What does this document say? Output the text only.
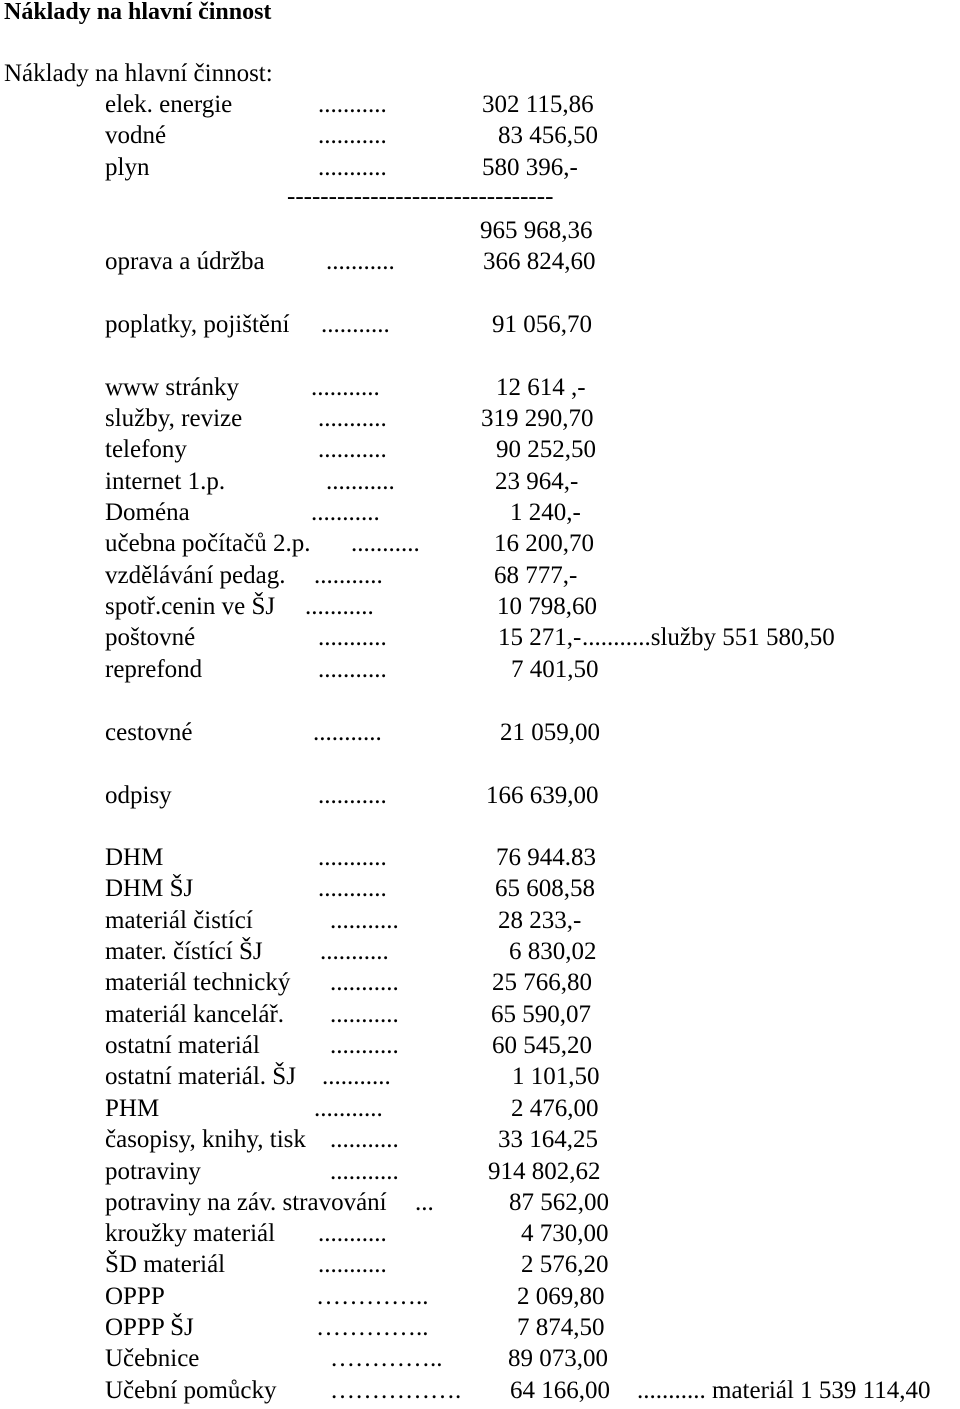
Náklady na hlavní činnost
Náklady na hlavní činnost:
elek. energie	...........	302 115,86
vodné	...........	83 456,50
plyn	...........	580 396,-
--------------------------------
965 968,36
oprava a údržba ...........	366 824,60
poplatky, pojištění ...........	91 056,70
www stránky	...........	12 614 ,-
služby, revize	...........	319 290,70
telefony	...........	90 252,50
internet 1.p.	...........	23 964,-
Doména	...........	1 240,-
učebna počítačů 2.p. ...........	16 200,70
vzdělávání pedag. ...........	68 777,-
spotř.cenin ve ŠJ ...........	10 798,60
poštovné	...........	15 271,- ...........služby 551 580,50
reprefond	...........	7 401,50
cestovné	...........	21 059,00
odpisy	...........	166 639,00
DHM	...........	76 944.83
DHM ŠJ	...........	65 608,58
materiál čistící	...........	28 233,-
mater. čístící ŠJ ...........	6 830,02
materiál technický ...........	25 766,80
materiál kancelář. ...........	65 590,07
ostatní materiál	...........	60 545,20
ostatní materiál. ŠJ ...........	1 101,50
PHM	...........	2 476,00
časopisy, knihy, tisk ...........	33 164,25
potraviny	...........	914 802,62
potraviny na záv. stravování ...	87 562,00
kroužky materiál ...........	4 730,00
ŠD materiál	...........	2 576,20
OPPP	…………..	2 069,80
OPPP ŠJ	…………..	7 874,50
Učebnice	…………..	89 073,00
Učební pomůcky ……………. 64 166,00 ........... materiál 1 539 114,40
